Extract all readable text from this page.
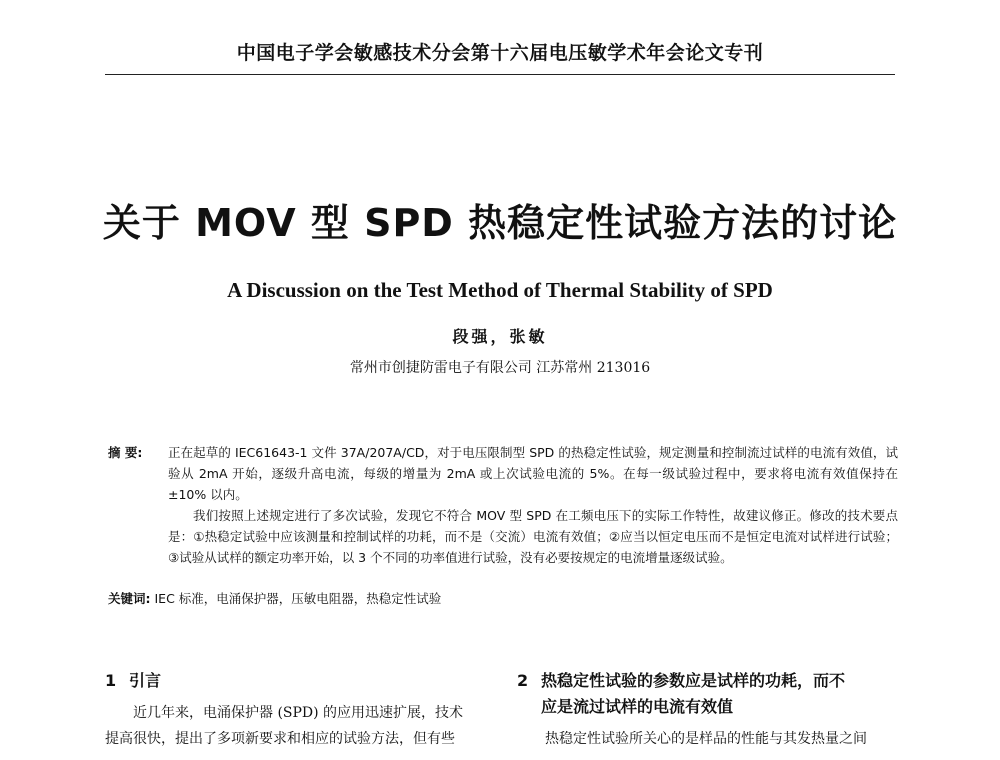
中国电子学会敏感技术分会第十六届电压敏学术年会论文专刊
关于 MOV 型 SPD 热稳定性试验方法的讨论
A Discussion on the Test Method of Thermal Stability of SPD
段强，张敏
常州市创捷防雷电子有限公司 江苏常州 213016
摘 要:	正在起草的 IEC61643-1 文件 37A/207A/CD，对于电压限制型 SPD 的热稳定性试验，规定测量和控制流过试样的电流有效值，试验从 2mA 开始，逐级升高电流，每级的增量为 2mA 或上次试验电流的 5%。在每一级试验过程中，要求将电流有效值保持在 ±10% 以内。

我们按照上述规定进行了多次试验，发现它不符合 MOV 型 SPD 在工频电压下的实际工作特性，故建议修正。修改的技术要点是：①热稳定试验中应该测量和控制试样的功耗，而不是（交流）电流有效值；②应当以恒定电压而不是恒定电流对试样进行试验；③试验从试样的额定功率开始，以 3 个不同的功率值进行试验，没有必要按规定的电流增量逐级试验。

关键词: IEC 标准，电涌保护器，压敏电阻器，热稳定性试验
1 引言

近几年来，电涌保护器 (SPD) 的应用迅速扩展，技术

提高很快，提出了多项新要求和相应的试验方法，但有些

2 热稳定性试验的参数应是试样的功耗，而不
应是流过试样的电流有效值

热稳定性试验所关心的是样品的性能与其发热量之间
